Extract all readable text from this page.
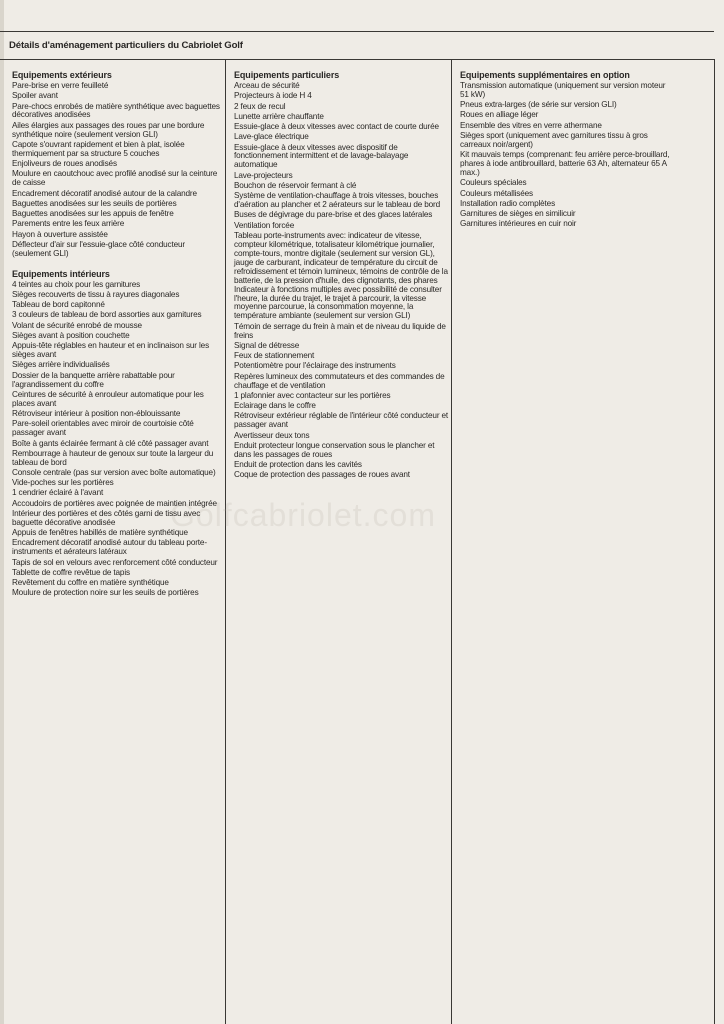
Détails d'aménagement particuliers du Cabriolet Golf
Golfcabriolet.com
Equipements extérieurs
Pare-brise en verre feuilleté
Spoiler avant
Pare-chocs enrobés de matière synthétique avec baguettes décoratives anodisées
Ailes élargies aux passages des roues par une bordure synthétique noire (seulement version GLI)
Capote s'ouvrant rapidement et bien à plat, isolée thermiquement par sa structure 5 couches
Enjoliveurs de roues anodisés
Moulure en caoutchouc avec profilé anodisé sur la ceinture de caisse
Encadrement décoratif anodisé autour de la calandre
Baguettes anodisées sur les seuils de portières
Baguettes anodisées sur les appuis de fenêtre
Parements entre les feux arrière
Hayon à ouverture assistée
Déflecteur d'air sur l'essuie-glace côté conducteur (seulement GLI)
Equipements intérieurs
4 teintes au choix pour les garnitures
Sièges recouverts de tissu à rayures diagonales
Tableau de bord capitonné
3 couleurs de tableau de bord assorties aux garnitures
Volant de sécurité enrobé de mousse
Sièges avant à position couchette
Appuis-tête réglables en hauteur et en inclinaison sur les sièges avant
Sièges arrière individualisés
Dossier de la banquette arrière rabattable pour l'agrandissement du coffre
Ceintures de sécurité à enrouleur automatique pour les places avant
Rétroviseur intérieur à position non-éblouissante
Pare-soleil orientables avec miroir de courtoisie côté passager avant
Boîte à gants éclairée fermant à clé côté passager avant
Rembourrage à hauteur de genoux sur toute la largeur du tableau de bord
Console centrale (pas sur version avec boîte automatique)
Vide-poches sur les portières
1 cendrier éclairé à l'avant
Accoudoirs de portières avec poignée de maintien intégrée
Intérieur des portières et des côtés garni de tissu avec baguette décorative anodisée
Appuis de fenêtres habillés de matière synthétique
Encadrement décoratif anodisé autour du tableau porte-instruments et aérateurs latéraux
Tapis de sol en velours avec renforcement côté conducteur
Tablette de coffre revêtue de tapis
Revêtement du coffre en matière synthétique
Moulure de protection noire sur les seuils de portières
Equipements particuliers
Arceau de sécurité
Projecteurs à iode H 4
2 feux de recul
Lunette arrière chauffante
Essuie-glace à deux vitesses avec contact de courte durée
Lave-glace électrique
Essuie-glace à deux vitesses avec dispositif de fonctionnement intermittent et de lavage-balayage automatique
Lave-projecteurs
Bouchon de réservoir fermant à clé
Système de ventilation-chauffage à trois vitesses, bouches d'aération au plancher et 2 aérateurs sur le tableau de bord
Buses de dégivrage du pare-brise et des glaces latérales
Ventilation forcée
Tableau porte-instruments avec: indicateur de vitesse, compteur kilométrique, totalisateur kilométrique journalier, compte-tours, montre digitale (seulement sur version GL), jauge de carburant, indicateur de température du circuit de refroidissement et témoin lumineux, témoins de contrôle de la batterie, de la pression d'huile, des clignotants, des phares Indicateur à fonctions multiples avec possibilité de consulter l'heure, la durée du trajet, le trajet à parcourir, la vitesse moyenne parcourue, la consommation moyenne, la température ambiante (seulement sur version GLI)
Témoin de serrage du frein à main et de niveau du liquide de freins
Signal de détresse
Feux de stationnement
Potentiomètre pour l'éclairage des instruments
Repères lumineux des commutateurs et des commandes de chauffage et de ventilation
1 plafonnier avec contacteur sur les portières
Eclairage dans le coffre
Rétroviseur extérieur réglable de l'intérieur côté conducteur et passager avant
Avertisseur deux tons
Enduit protecteur longue conservation sous le plancher et dans les passages de roues
Enduit de protection dans les cavités
Coque de protection des passages de roues avant
Equipements supplémentaires en option
Transmission automatique (uniquement sur version moteur 51 kW)
Pneus extra-larges (de série sur version GLI)
Roues en alliage léger
Ensemble des vitres en verre athermane
Sièges sport (uniquement avec garnitures tissu à gros carreaux noir/argent)
Kit mauvais temps (comprenant: feu arrière perce-brouillard, phares à iode antibrouillard, batterie 63 Ah, alternateur 65 A max.)
Couleurs spéciales
Couleurs métallisées
Installation radio complètes
Garnitures de sièges en similicuir
Garnitures intérieures en cuir noir
